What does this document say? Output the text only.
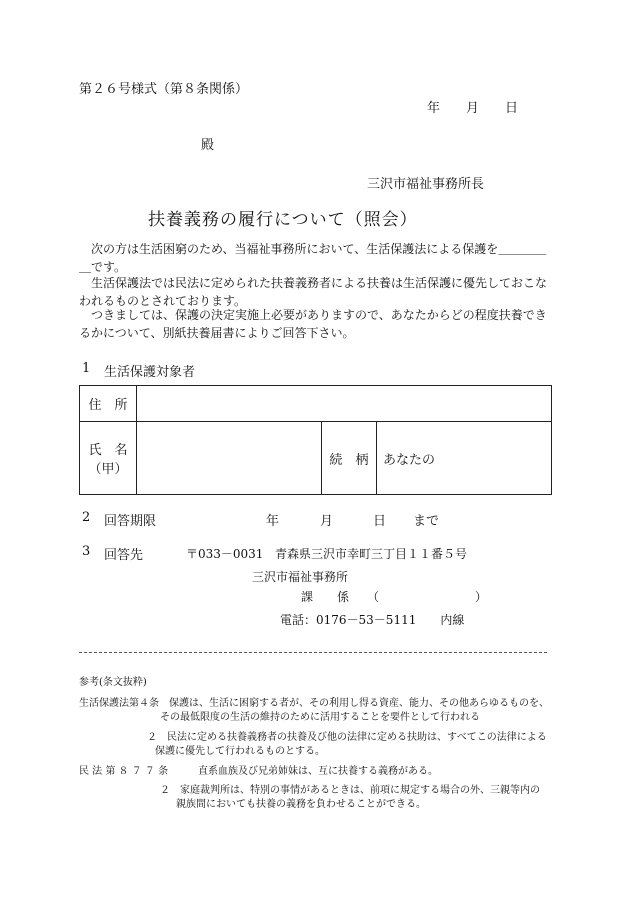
第２６号様式（第８条関係）
年　　月　　日
殿
三沢市福祉事務所長
扶養義務の履行について（照会）
次の方は生活困窮のため、当福祉事務所において、生活保護法による保護を＿＿＿＿＿です。
生活保護法では民法に定められた扶養義務者による扶養は生活保護に優先しておこなわれるものとされております。
つきましては、保護の決定実施上必要がありますので、あなたからどの程度扶養できるかについて、別紙扶養届書によりご回答下さい。
1 生活保護対象者
住　所			

氏　名
（甲）		続　柄	あなたの
2 回答期限	年	月	日 まで
3 回答先	〒033－0031 青森県三沢市幸町三丁目１１番５号
三沢市福祉事務所
課　　係　　（　　　　　　　　）
電話：0176－53－5111　　内線
参考(条文抜粋)
生活保護法第４条 保護は、生活に困窮する者が、その利用し得る資産、能力、その他あらゆるものを、
その最低限度の生活の維持のために活用することを要件として行われる
２　民法に定める扶養義務者の扶養及び他の法律に定める扶助は、すべてこの法律による
保護に優先して行われるものとする。
民 法 第 ８ ７ ７ 条	直系血族及び兄弟姉妹は、互に扶養する義務がある。
２　家庭裁判所は、特別の事情があるときは、前項に規定する場合の外、三親等内の
親族間においても扶養の義務を負わせることができる。
